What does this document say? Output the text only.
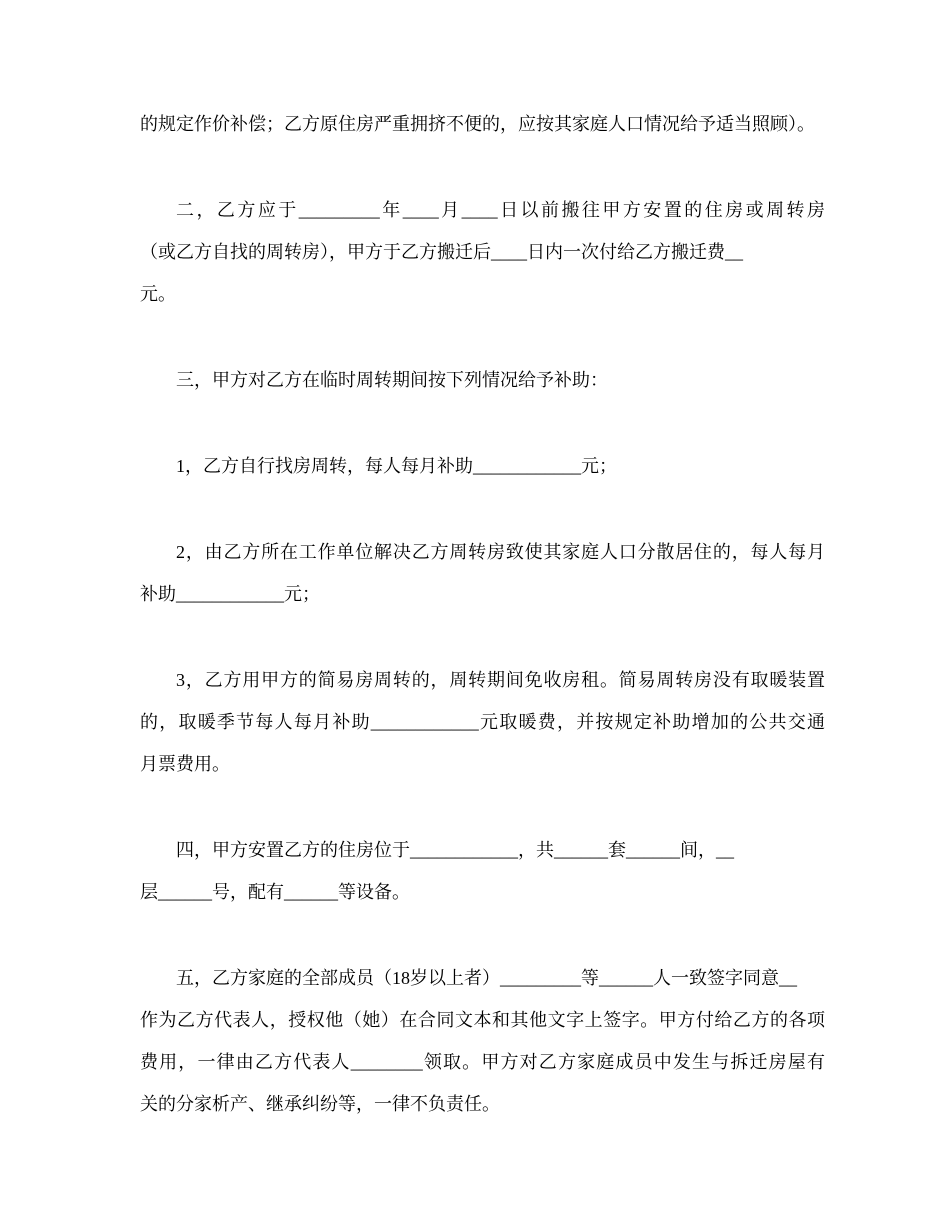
的规定作价补偿；乙方原住房严重拥挤不便的，应按其家庭人口情况给予适当照顾）。
二，乙方应于_________年____月____日以前搬往甲方安置的住房或周转房
（或乙方自找的周转房），甲方于乙方搬迁后____日内一次付给乙方搬迁费__
元。
三，甲方对乙方在临时周转期间按下列情况给予补助：
1，乙方自行找房周转，每人每月补助____________元；
2，由乙方所在工作单位解决乙方周转房致使其家庭人口分散居住的，每人每月
补助____________元；
3，乙方用甲方的简易房周转的，周转期间免收房租。简易周转房没有取暖装置
的，取暖季节每人每月补助____________元取暖费，并按规定补助增加的公共交通
月票费用。
四，甲方安置乙方的住房位于____________，共______套______间，__
层______号，配有______等设备。
五，乙方家庭的全部成员（18岁以上者）_________等______人一致签字同意__
作为乙方代表人，授权他（她）在合同文本和其他文字上签字。甲方付给乙方的各项
费用，一律由乙方代表人________领取。甲方对乙方家庭成员中发生与拆迁房屋有
关的分家析产、继承纠纷等，一律不负责任。
